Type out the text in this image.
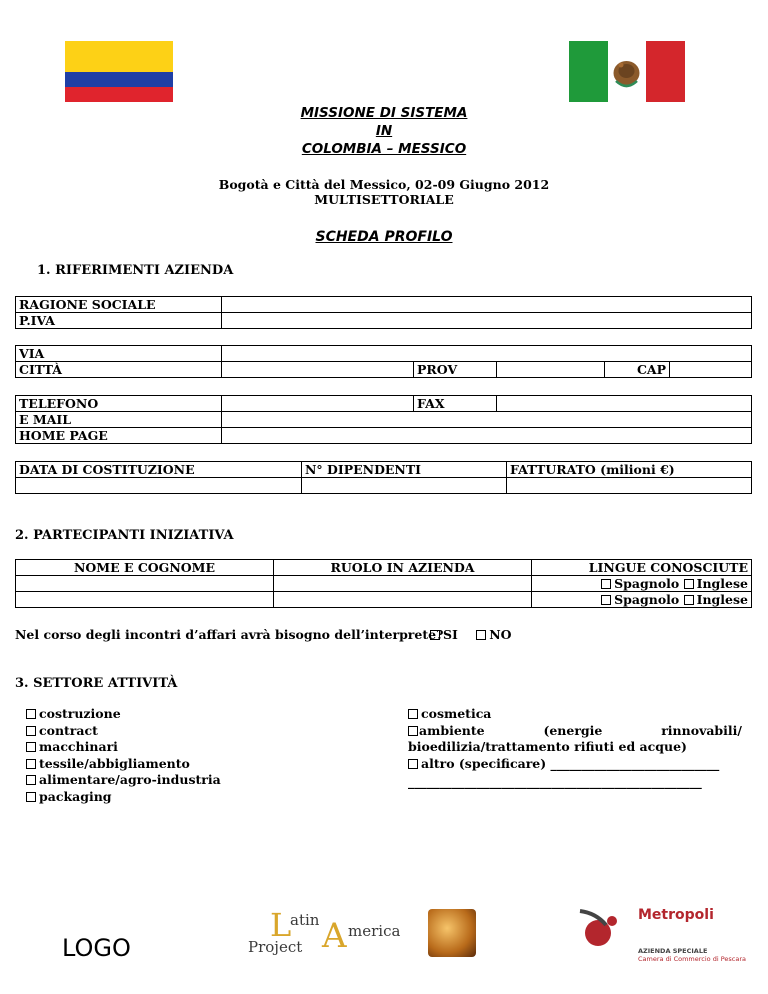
MISSIONE DI SISTEMA
IN
COLOMBIA – MESSICO
Bogotà e Città del Messico, 02-09 Giugno 2012
MULTISETTORIALE
SCHEDA PROFILO
1. RIFERIMENTI AZIENDA
RAGIONE SOCIALE	
P.IVA	
VIA					
CITTÀ		PROV		CAP	
TELEFONO		FAX	
E MAIL			
HOME PAGE			
DATA DI COSTITUZIONE	N° DIPENDENTI	FATTURATO (milioni €)

2. PARTECIPANTI INIZIATIVA
NOME E COGNOME	RUOLO IN AZIENDA	LINGUE CONOSCIUTE
		Spagnolo Inglese
		Spagnolo Inglese
Nel corso degli incontri d’affari avrà bisogno dell’interprete? SI	NO
3. SETTORE ATTIVITÀ
costruzione
contract
macchinari
tessile/abbigliamento
alimentare/agro-industria
packaging
cosmetica
ambiente	(energie	rinnovabili/
bioedilizia/trattamento rifiuti ed acque)
altro (specificare) ___________________________
_______________________________________________
LOGO
L
atin A merica
Project
Metropoli
AZIENDA SPECIALE
Camera di Commercio di Pescara
